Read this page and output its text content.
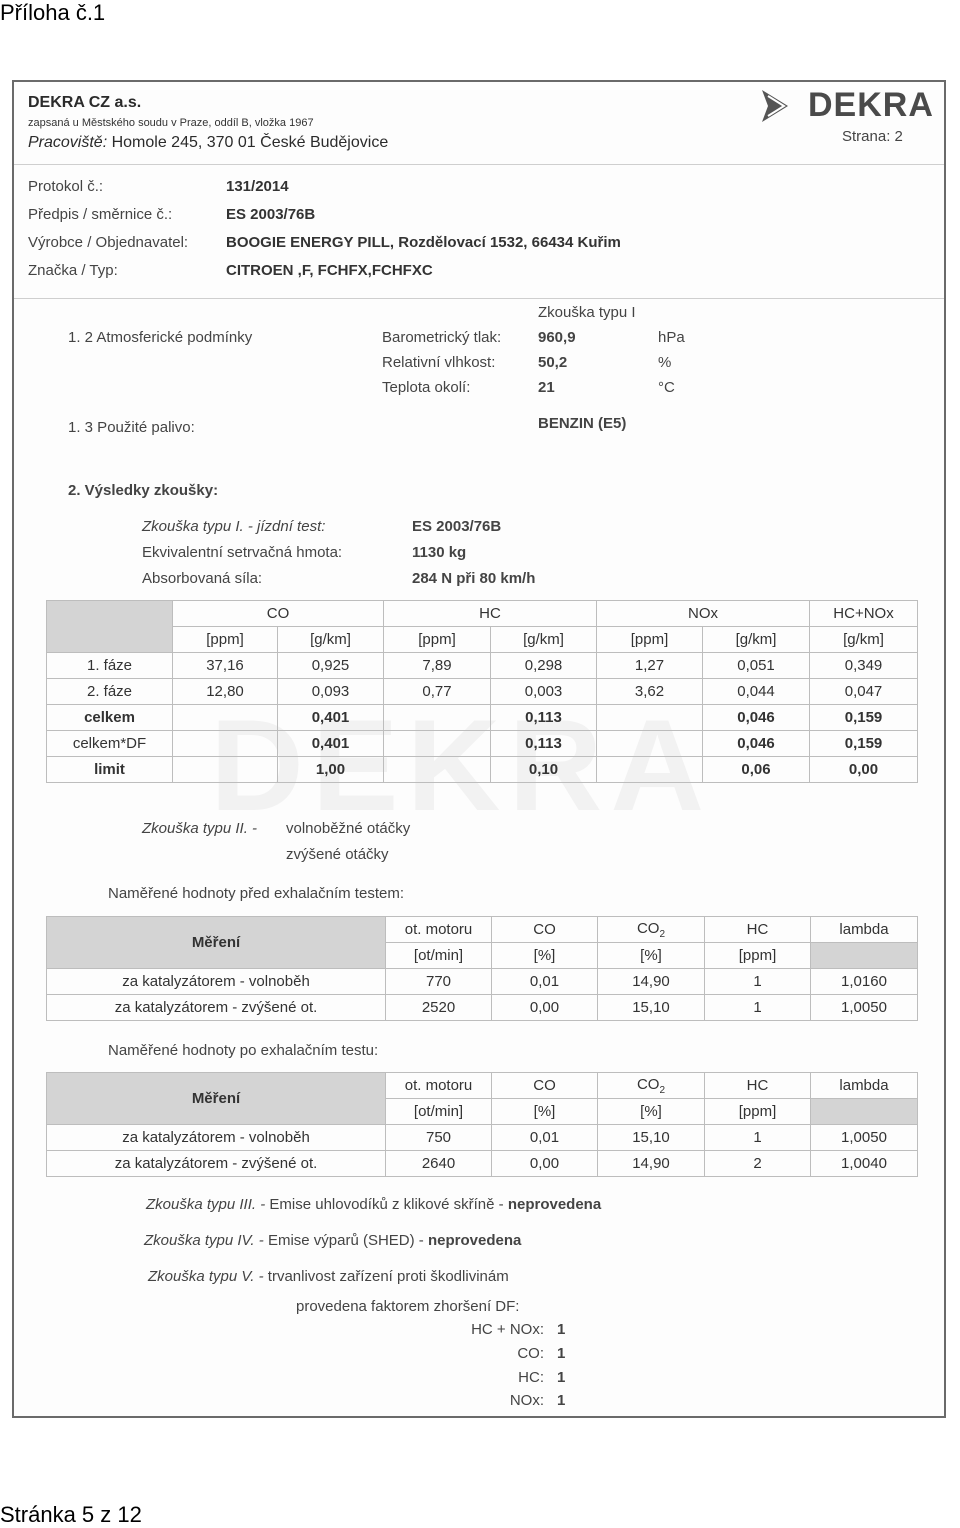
Příloha č.1
DEKRA CZ a.s.
zapsaná u Městského soudu v Praze, oddíl B, vložka 1967
Pracoviště: Homole 245, 370 01 České Budějovice
DEKRA
Strana: 2
Protokol č.:	131/2014
Předpis / směrnice č.:	ES 2003/76B
Výrobce / Objednavatel:	BOOGIE ENERGY PILL, Rozdělovací 1532, 66434 Kuřim
Značka / Typ:	CITROEN ,F, FCHFX,FCHFXC
Zkouška typu I
1. 2 Atmosferické podmínky	Barometrický tlak: 960,9	hPa
Relativní vlhkost:	50,2	%
Teplota okolí:	21	°C
1. 3 Použité palivo:	BENZIN (E5)
2. Výsledky zkoušky:
Zkouška typu I. - jízdní test:	ES 2003/76B
Ekvivalentní setrvačná hmota:	1130 kg
Absorbovaná síla:	284 N při 80 km/h
	CO		HC		NOx		HC+NOx
	[ppm]	[g/km]	[ppm]	[g/km]	[ppm]	[g/km]	[g/km]
1. fáze	37,16	0,925	7,89	0,298	1,27	0,051	0,349
2. fáze	12,80	0,093	0,77	0,003	3,62	0,044	0,047
celkem		0,401		0,113		0,046	0,159
celkem*DF		0,401		0,113		0,046	0,159
limit		1,00		0,10		0,06	0,00
Zkouška typu II. - volnoběžné otáčky
zvýšené otáčky
Naměřené hodnoty před exhalačním testem:
Měření	ot. motoru	CO	$CO_2$	HC	lambda
	[ot/min]	[%]	[%]	[ppm]	
za katalyzátorem - volnoběh	770	0,01	14,90	1	1,0160
za katalyzátorem - zvýšené ot.	2520	0,00	15,10	1	1,0050
Naměřené hodnoty po exhalačním testu:
Měření	ot. motoru	CO	$CO_2$	HC	lambda
	[ot/min]	[%]	[%]	[ppm]	
za katalyzátorem - volnoběh	750	0,01	15,10	1	1,0050
za katalyzátorem - zvýšené ot.	2640	0,00	14,90	2	1,0040
Zkouška typu III. - Emise uhlovodíků z klikové skříně - neprovedena
Zkouška typu IV. - Emise výparů (SHED) - neprovedena
Zkouška typu V. - trvanlivost zařízení proti škodlivinám
provedena faktorem zhoršení DF:
HC + NOx: 1
CO: 1
HC: 1
NOx: 1
Stránka 5 z 12
